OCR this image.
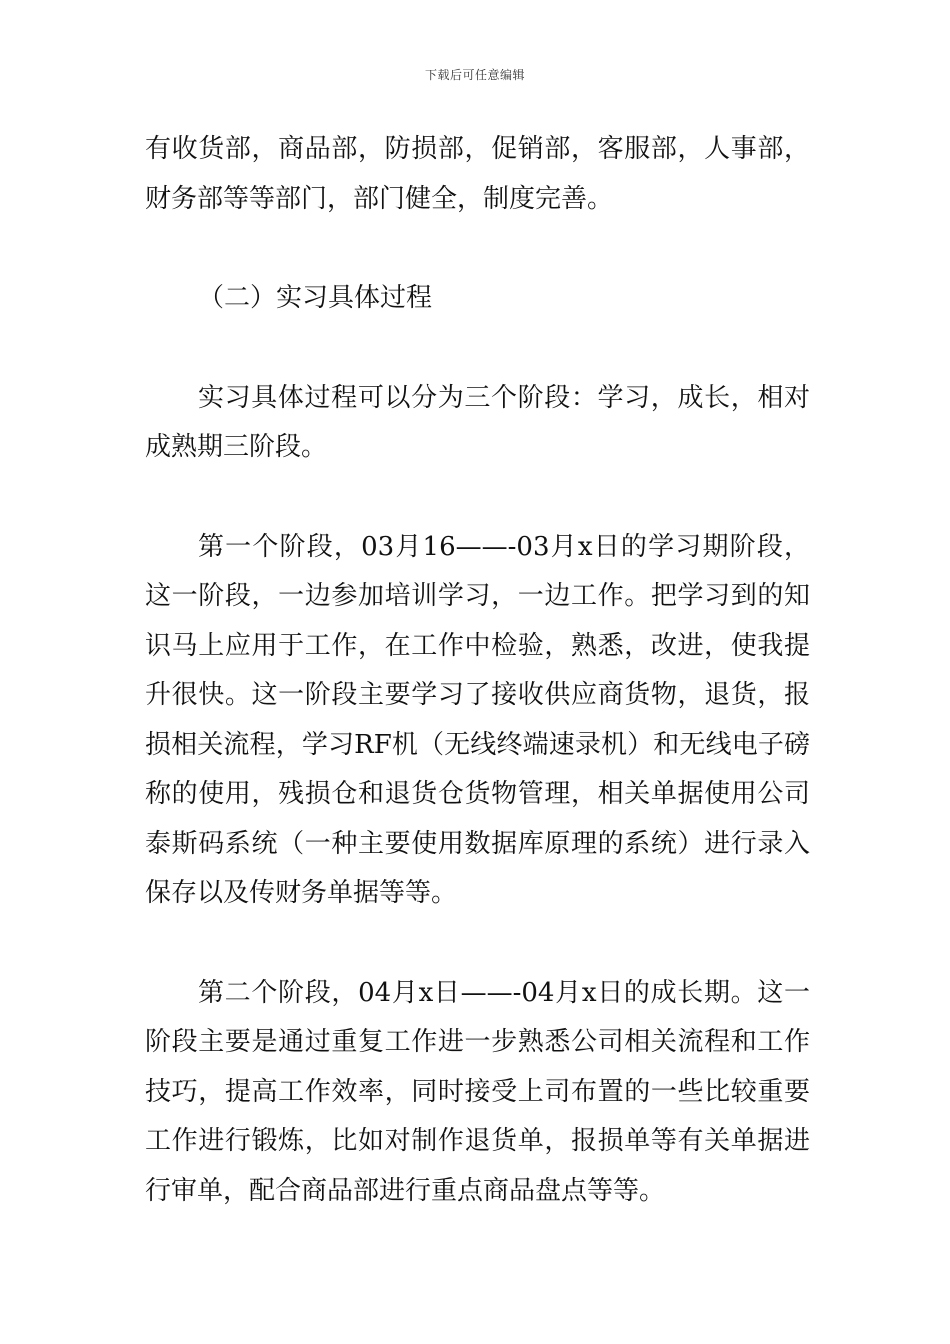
下载后可任意编辑

有收货部，商品部，防损部，促销部，客服部，人事部，财务部等等部门，部门健全，制度完善。

（二）实习具体过程

实习具体过程可以分为三个阶段：学习，成长，相对成熟期三阶段。

第一个阶段，03月16——-03月x日的学习期阶段，这一阶段，一边参加培训学习，一边工作。把学习到的知识马上应用于工作，在工作中检验，熟悉，改进，使我提升很快。这一阶段主要学习了接收供应商货物，退货，报损相关流程，学习RF机（无线终端速录机）和无线电子磅称的使用，残损仓和退货仓货物管理，相关单据使用公司泰斯码系统（一种主要使用数据库原理的系统）进行录入保存以及传财务单据等等。

第二个阶段，04月x日——-04月x日的成长期。这一阶段主要是通过重复工作进一步熟悉公司相关流程和工作技巧，提高工作效率，同时接受上司布置的一些比较重要工作进行锻炼，比如对制作退货单，报损单等有关单据进行审单，配合商品部进行重点商品盘点等等。
